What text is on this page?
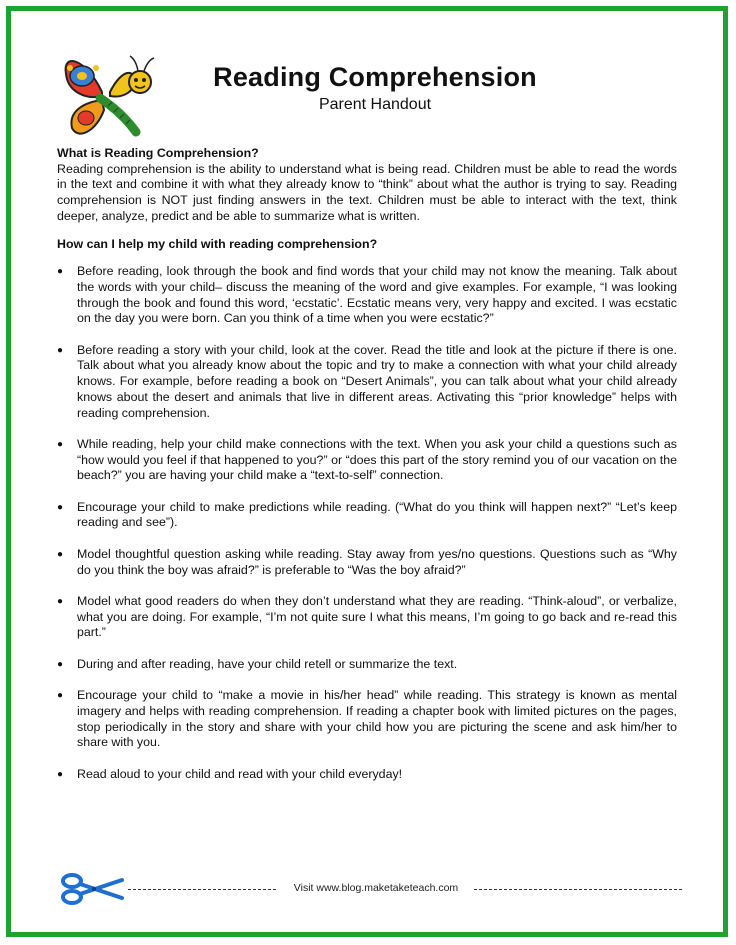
Reading Comprehension
Parent Handout

What is Reading Comprehension?

Reading comprehension is the ability to understand what is being read. Children must be able to read the words in the text and combine it with what they already know to “think” about what the author is trying to say. Reading comprehension is NOT just finding answers in the text. Children must be able to interact with the text, think deeper, analyze, predict and be able to summarize what is written.

How can I help my child with reading comprehension?

● Before reading, look through the book and find words that your child may not know the meaning. Talk about the words with your child– discuss the meaning of the word and give examples. For example, “I was looking through the book and found this word, ‘ecstatic’. Ecstatic means very, very happy and excited. I was ecstatic on the day you were born. Can you think of a time when you were ecstatic?”
● Before reading a story with your child, look at the cover. Read the title and look at the picture if there is one. Talk about what you already know about the topic and try to make a connection with what your child already knows. For example, before reading a book on “Desert Animals”, you can talk about what your child already knows about the desert and animals that live in different areas. Activating this “prior knowledge” helps with reading comprehension.
● While reading, help your child make connections with the text. When you ask your child a questions such as “how would you feel if that happened to you?” or “does this part of the story remind you of our vacation on the beach?” you are having your child make a “text-to-self” connection.
● Encourage your child to make predictions while reading. (“What do you think will happen next?” “Let’s keep reading and see”).
● Model thoughtful question asking while reading. Stay away from yes/no questions. Questions such as “Why do you think the boy was afraid?” is preferable to “Was the boy afraid?”
● Model what good readers do when they don’t understand what they are reading. “Think-aloud”, or verbalize, what you are doing. For example, “I’m not quite sure I what this means, I’m going to go back and re-read this part.”
● During and after reading, have your child retell or summarize the text.
● Encourage your child to “make a movie in his/her head” while reading. This strategy is known as mental imagery and helps with reading comprehension. If reading a chapter book with limited pictures on the pages, stop periodically in the story and share with your child how you are picturing the scene and ask him/her to share with you.
● Read aloud to your child and read with your child everyday!
Visit www.blog.maketaketeach.com
